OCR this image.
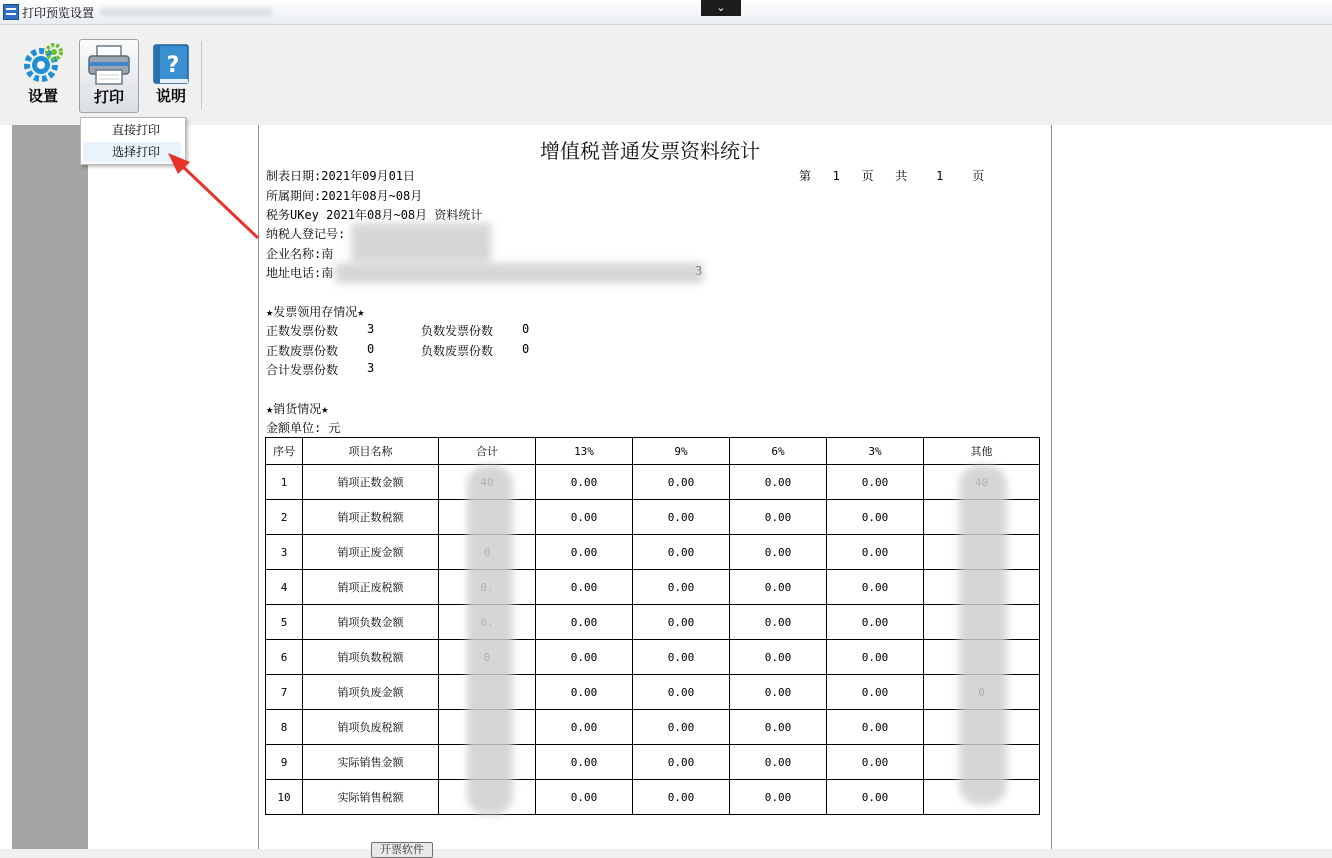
打印预览设置	⌄
设置	打印
?
说明
增值税普通发票资料统计
制表日期:2021年09月01日	第   1   页   共    1    页
所属期间:2021年08月~08月
税务UKey 2021年08月~08月 资料统计
纳税人登记号:
企业名称:南
地址电话:南
★发票领用存情况★
正数发票份数 3	负数发票份数 0
正数废票份数 0	负数废票份数 0
合计发票份数 3
★销货情况★
金额单位: 元
序号	项目名称	合计	13%	9%	6%	3%	其他
1	销项正数金额		0.00	0.00	0.00	0.00	
2	销项正数税额		0.00	0.00	0.00	0.00	
3	销项正废金额		0.00	0.00	0.00	0.00	
4	销项正废税额		0.00	0.00	0.00	0.00	
5	销项负数金额		0.00	0.00	0.00	0.00	
6	销项负数税额		0.00	0.00	0.00	0.00	
7	销项负废金额		0.00	0.00	0.00	0.00	
8	销项负废税额		0.00	0.00	0.00	0.00	
9	实际销售金额		0.00	0.00	0.00	0.00	
10	实际销售税额		0.00	0.00	0.00	0.00	
直接打印
选择打印
开票软件
